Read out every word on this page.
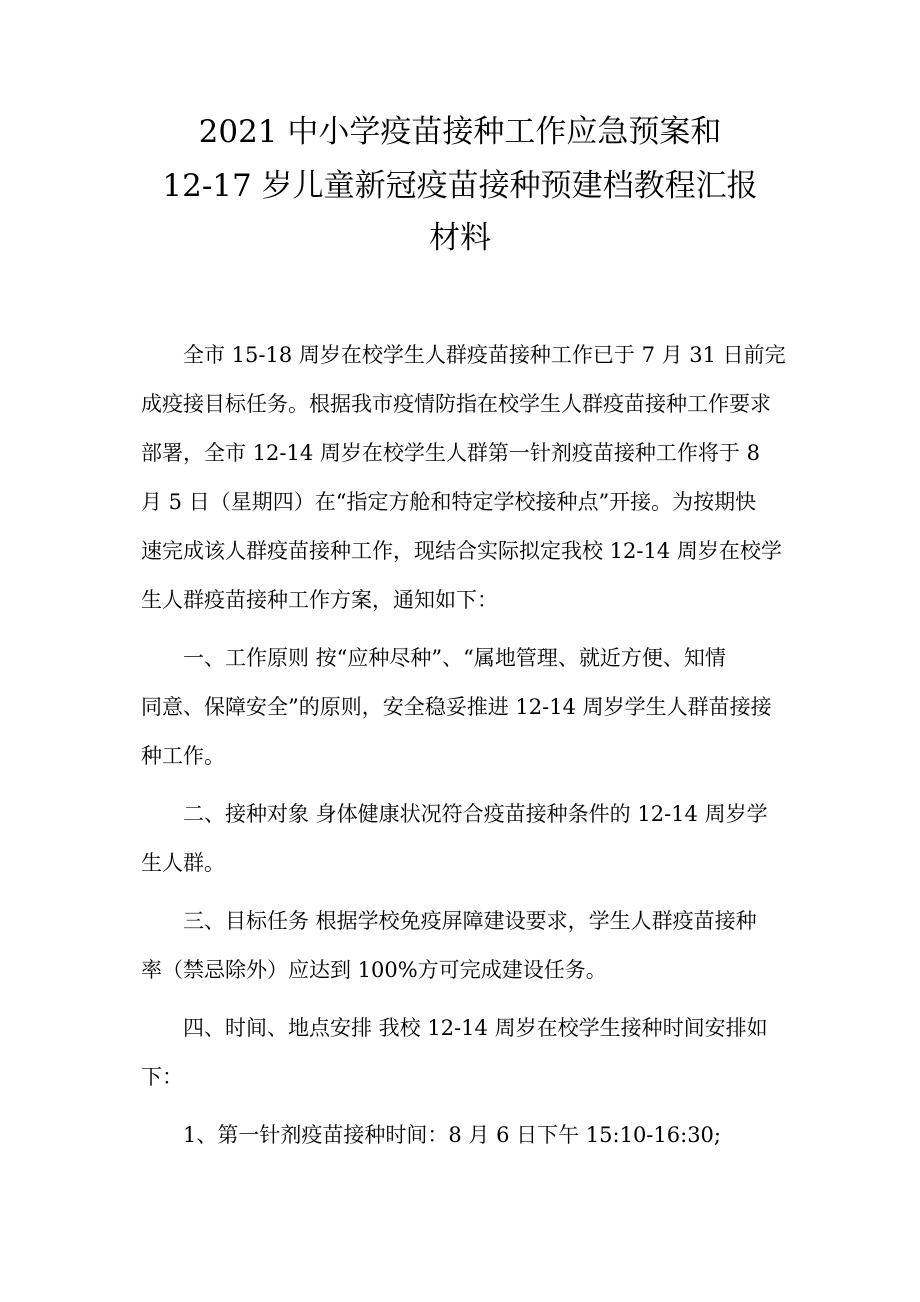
2021 中小学疫苗接种工作应急预案和
12-17 岁儿童新冠疫苗接种预建档教程汇报
材料
全市 15-18 周岁在校学生人群疫苗接种工作已于 7 月 31 日前完
成疫接目标任务。根据我市疫情防指在校学生人群疫苗接种工作要求
部署，全市 12-14 周岁在校学生人群第一针剂疫苗接种工作将于 8
月 5 日（星期四）在“指定方舱和特定学校接种点”开接。为按期快
速完成该人群疫苗接种工作，现结合实际拟定我校 12-14 周岁在校学
生人群疫苗接种工作方案，通知如下：
一、工作原则 按“应种尽种”、“属地管理、就近方便、知情
同意、保障安全”的原则，安全稳妥推进 12-14 周岁学生人群苗接接
种工作。
二、接种对象 身体健康状况符合疫苗接种条件的 12-14 周岁学
生人群。
三、目标任务 根据学校免疫屏障建设要求，学生人群疫苗接种
率（禁忌除外）应达到 100%方可完成建设任务。
四、时间、地点安排 我校 12-14 周岁在校学生接种时间安排如
下：
1、第一针剂疫苗接种时间：8 月 6 日下午 15:10-16:30;
